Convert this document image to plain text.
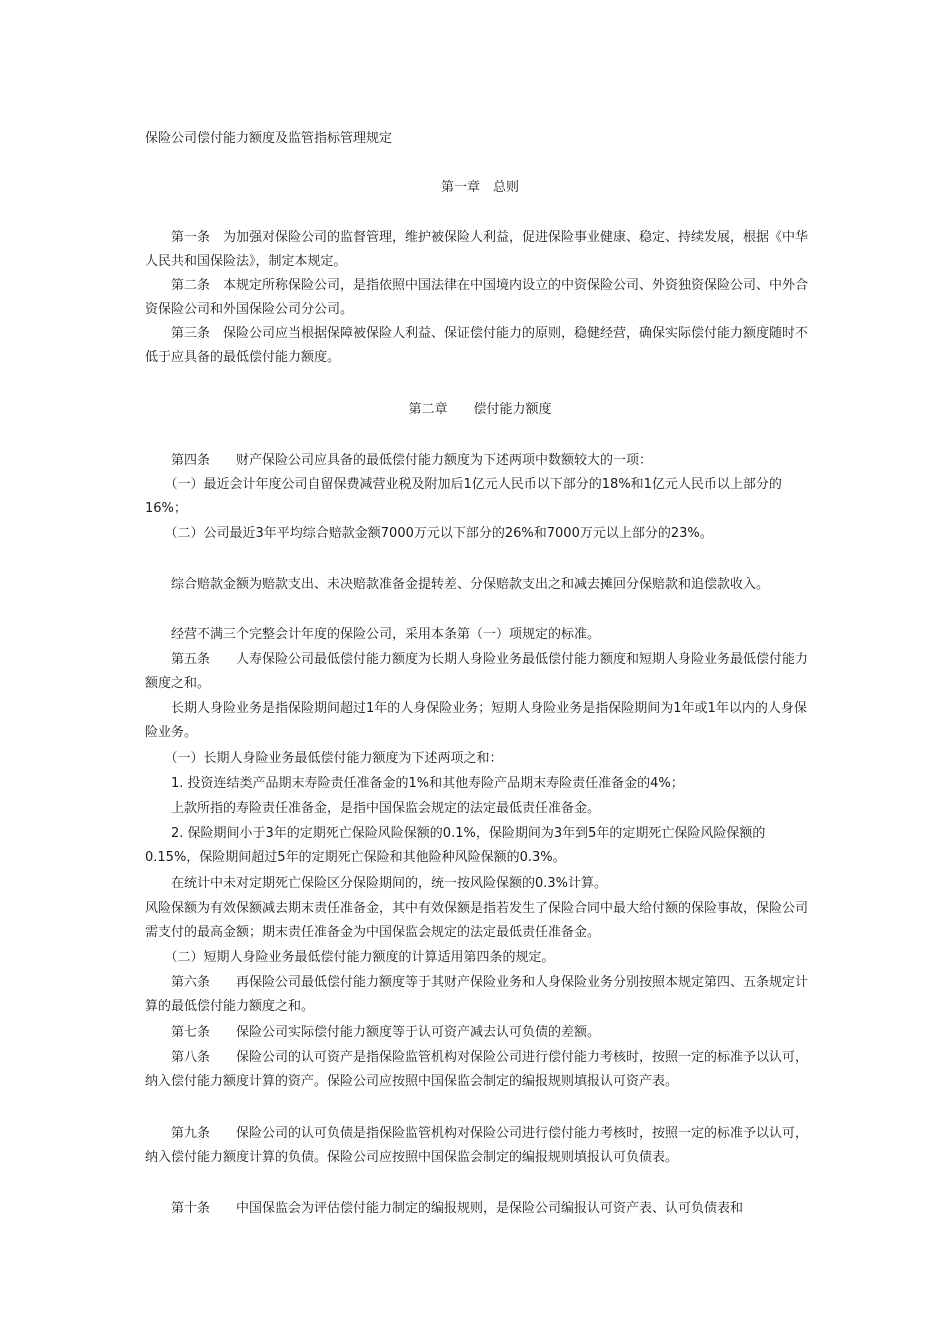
保险公司偿付能力额度及监管指标管理规定

第一章　总则

　　第一条　为加强对保险公司的监督管理，维护被保险人利益，促进保险事业健康、稳定、持续发展，根据《中华人民共和国保险法》，制定本规定。

　　第二条　本规定所称保险公司，是指依照中国法律在中国境内设立的中资保险公司、外资独资保险公司、中外合资保险公司和外国保险公司分公司。

　　第三条　保险公司应当根据保障被保险人利益、保证偿付能力的原则，稳健经营，确保实际偿付能力额度随时不低于应具备的最低偿付能力额度。

第二章　　偿付能力额度

　　第四条　　财产保险公司应具备的最低偿付能力额度为下述两项中数额较大的一项：

　　（一）最近会计年度公司自留保费减营业税及附加后1亿元人民币以下部分的18%和1亿元人民币以上部分的16%；

　　（二）公司最近3年平均综合赔款金额7000万元以下部分的26%和7000万元以上部分的23%。

　　综合赔款金额为赔款支出、未决赔款准备金提转差、分保赔款支出之和减去摊回分保赔款和追偿款收入。

　　经营不满三个完整会计年度的保险公司，采用本条第（一）项规定的标准。

　　第五条　　人寿保险公司最低偿付能力额度为长期人身险业务最低偿付能力额度和短期人身险业务最低偿付能力额度之和。

　　长期人身险业务是指保险期间超过1年的人身保险业务；短期人身险业务是指保险期间为1年或1年以内的人身保险业务。

　　（一）长期人身险业务最低偿付能力额度为下述两项之和：

　　1. 投资连结类产品期末寿险责任准备金的1%和其他寿险产品期末寿险责任准备金的4%；

　　上款所指的寿险责任准备金，是指中国保监会规定的法定最低责任准备金。

　　2. 保险期间小于3年的定期死亡保险风险保额的0.1%，保险期间为3年到5年的定期死亡保险风险保额的0.15%，保险期间超过5年的定期死亡保险和其他险种风险保额的0.3%。

　　在统计中未对定期死亡保险区分保险期间的，统一按风险保额的0.3%计算。

风险保额为有效保额减去期末责任准备金，其中有效保额是指若发生了保险合同中最大给付额的保险事故，保险公司需支付的最高金额；期末责任准备金为中国保监会规定的法定最低责任准备金。

　　（二）短期人身险业务最低偿付能力额度的计算适用第四条的规定。

　　第六条　　再保险公司最低偿付能力额度等于其财产保险业务和人身保险业务分别按照本规定第四、五条规定计算的最低偿付能力额度之和。

　　第七条　　保险公司实际偿付能力额度等于认可资产减去认可负债的差额。

　　第八条　　保险公司的认可资产是指保险监管机构对保险公司进行偿付能力考核时，按照一定的标准予以认可，纳入偿付能力额度计算的资产。保险公司应按照中国保监会制定的编报规则填报认可资产表。

　　第九条　　保险公司的认可负债是指保险监管机构对保险公司进行偿付能力考核时，按照一定的标准予以认可，纳入偿付能力额度计算的负债。保险公司应按照中国保监会制定的编报规则填报认可负债表。

　　第十条　　中国保监会为评估偿付能力制定的编报规则，是保险公司编报认可资产表、认可负债表和
